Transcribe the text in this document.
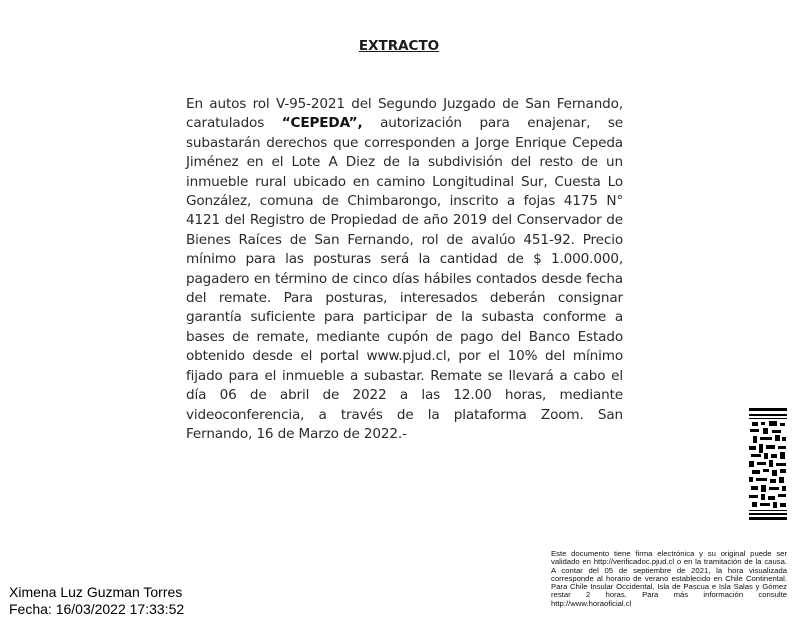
EXTRACTO
En autos rol V-95-2021 del Segundo Juzgado de San Fernando, caratulados “CEPEDA”, autorización para enajenar, se subastarán derechos que corresponden a Jorge Enrique Cepeda Jiménez en el Lote A Diez de la subdivisión del resto de un inmueble rural ubicado en camino Longitudinal Sur, Cuesta Lo González, comuna de Chimbarongo, inscrito a fojas 4175 N° 4121 del Registro de Propiedad de año 2019 del Conservador de Bienes Raíces de San Fernando, rol de avalúo 451-92. Precio mínimo para las posturas será la cantidad de $ 1.000.000, pagadero en término de cinco días hábiles contados desde fecha del remate. Para posturas, interesados deberán consignar garantía suficiente para participar de la subasta conforme a bases de remate, mediante cupón de pago del Banco Estado obtenido desde el portal www.pjud.cl, por el 10% del mínimo fijado para el inmueble a subastar. Remate se llevará a cabo el día 06 de abril de 2022 a las 12.00 horas, mediante videoconferencia, a través de la plataforma Zoom. San Fernando, 16 de Marzo de 2022.-
Este documento tiene firma electrónica y su original puede ser validado en http://verificadoc.pjud.cl o en la tramitación de la causa. A contar del 05 de septiembre de 2021, la hora visualizada corresponde al horario de verano establecido en Chile Continental. Para Chile Insular Occidental, Isla de Pascua e Isla Salas y Gómez restar 2 horas. Para más información consulte http://www.horaoficial.cl
Ximena Luz Guzman Torres
Fecha: 16/03/2022 17:33:52
